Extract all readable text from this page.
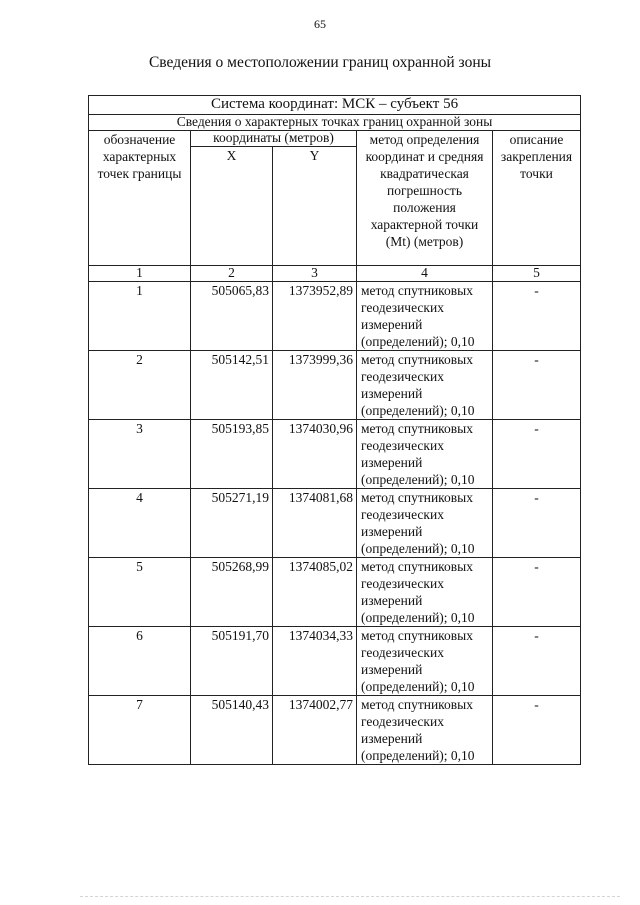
65
Сведения о местоположении границ охранной зоны
Система координат: МСК – субъект 56				
Сведения о характерных точках границ охранной зоны				
обозначение характерных точек границы	координаты (метров)		метод определения координат и средняя квадратическая погрешность положения характерной точки (Mt) (метров)	описание закрепления точки
	X	Y		
1	2	3	4	5
1	505065,83	1373952,89	метод спутниковых геодезических измерений (определений); 0,10	-
2	505142,51	1373999,36	метод спутниковых геодезических измерений (определений); 0,10	-
3	505193,85	1374030,96	метод спутниковых геодезических измерений (определений); 0,10	-
4	505271,19	1374081,68	метод спутниковых геодезических измерений (определений); 0,10	-
5	505268,99	1374085,02	метод спутниковых геодезических измерений (определений); 0,10	-
6	505191,70	1374034,33	метод спутниковых геодезических измерений (определений); 0,10	-
7	505140,43	1374002,77	метод спутниковых геодезических измерений (определений); 0,10	-
